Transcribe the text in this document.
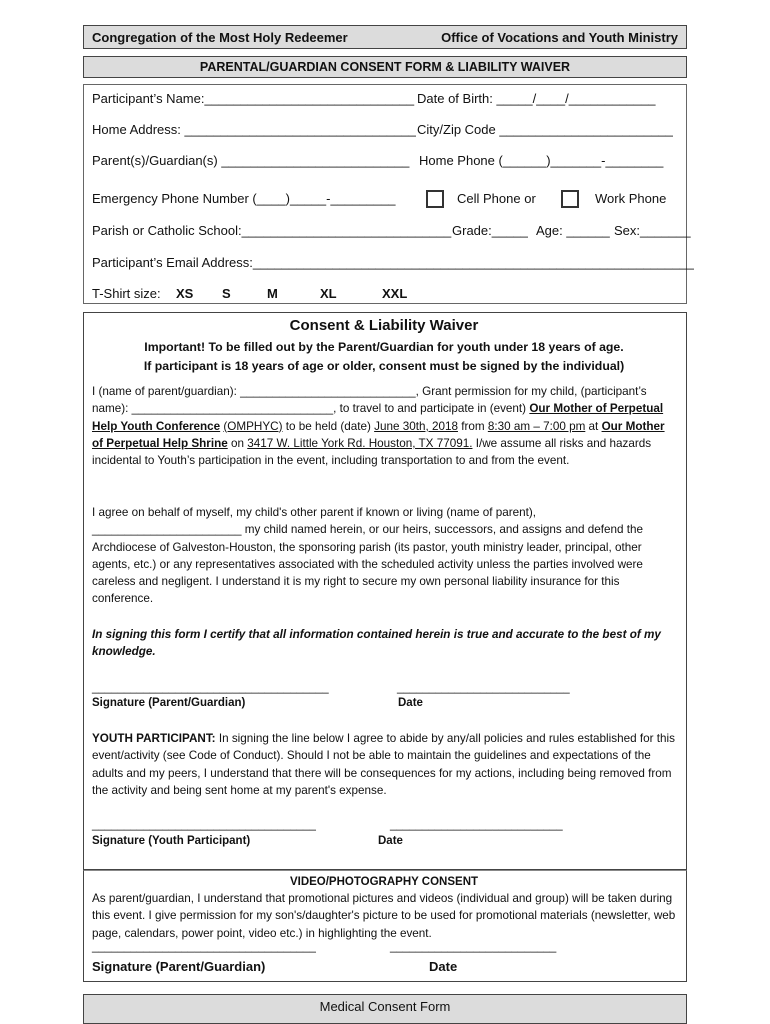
Congregation of the Most Holy Redeemer	Office of Vocations and Youth Ministry
PARENTAL/GUARDIAN CONSENT FORM & LIABILITY WAIVER
Participant’s Name:_____________________________ Date of Birth: _____/____/____________
Home Address: ________________________________ City/Zip Code ________________________
Parent(s)/Guardian(s) __________________________ Home Phone (______)_______-________
Emergency Phone Number (____)_____-_________	Cell Phone or	Work Phone
Parish or Catholic School:_____________________________ Grade:_____ Age: ______ Sex:_______
Participant’s Email Address:_____________________________________________________________
T-Shirt size: XS S	M	XL	XXL
Consent & Liability Waiver
Important! To be filled out by the Parent/Guardian for youth under 18 years of age.
If participant is 18 years of age or older, consent must be signed by the individual)
I (name of parent/guardian): ___________________________, Grant permission for my child, (participant’s name): _______________________________, to travel to and participate in (event) Our Mother of Perpetual Help Youth Conference (OMPHYC) to be held (date) June 30th, 2018 from 8:30 am – 7:00 pm at Our Mother of Perpetual Help Shrine on 3417 W. Little York Rd. Houston, TX 77091. I/we assume all risks and hazards incidental to Youth’s participation in the event, including transportation to and from the event.
I agree on behalf of myself, my child's other parent if known or living (name of parent), _______________________ my child named herein, or our heirs, successors, and assigns and defend the Archdiocese of Galveston-Houston, the sponsoring parish (its pastor, youth ministry leader, principal, other agents, etc.) or any representatives associated with the scheduled activity unless the parties involved were careless and negligent. I understand it is my right to secure my own personal liability insurance for this conference.
In signing this form I certify that all information contained herein is true and accurate to the best of my knowledge.
_____________________________________	___________________________
Signature (Parent/Guardian)	Date
YOUTH PARTICIPANT: In signing the line below I agree to abide by any/all policies and rules established for this event/activity (see Code of Conduct). Should I not be able to maintain the guidelines and expectations of the adults and my peers, I understand that there will be consequences for my actions, including being removed from the activity and being sent home at my parent's expense.
___________________________________	___________________________
Signature (Youth Participant)	Date
VIDEO/PHOTOGRAPHY CONSENT
As parent/guardian, I understand that promotional pictures and videos (individual and group) will be taken during this event. I give permission for my son's/daughter's picture to be used for promotional materials (newsletter, web page, calendars, power point, video etc.) in highlighting the event.
___________________________________	__________________________
Signature (Parent/Guardian)	Date
Medical Consent Form
